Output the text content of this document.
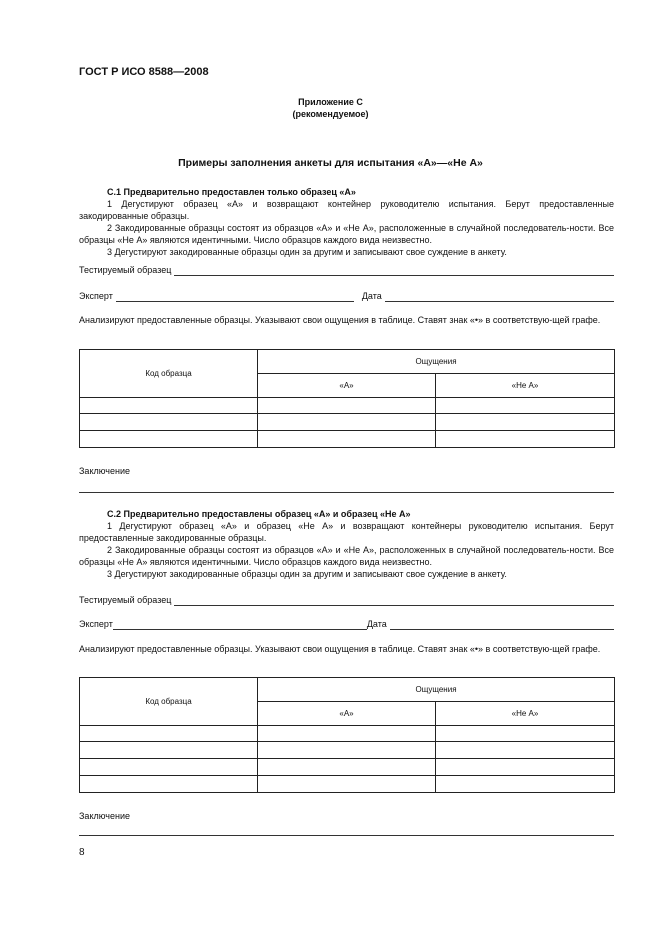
ГОСТ Р ИСО 8588—2008
Приложение С
(рекомендуемое)
Примеры заполнения анкеты для испытания «А»—«Не А»
С.1 Предварительно предоставлен только образец «А»

1 Дегустируют образец «А» и возвращают контейнер руководителю испытания. Берут предоставленные закодированные образцы.

2 Закодированные образцы состоят из образцов «А» и «Не А», расположенные в случайной последователь-ности. Все образцы «Не А» являются идентичными. Число образцов каждого вида неизвестно.

3 Дегустируют закодированные образцы один за другим и записывают свое суждение в анкету.

Тестируемый образец
Эксперт	Дата

Анализируют предоставленные образцы. Указывают свои ощущения в таблице. Ставят знак «•» в соответствую-щей графе.

Код образца	Ощущения	
	«А»	«Не А»

Заключение
С.2 Предварительно предоставлены образец «А» и образец «Не А»

1 Дегустируют образец «А» и образец «Не А» и возвращают контейнеры руководителю испытания. Берут предоставленные закодированные образцы.

2 Закодированные образцы состоят из образцов «А» и «Не А», расположенных в случайной последователь-ности. Все образцы «Не А» являются идентичными. Число образцов каждого вида неизвестно.

3 Дегустируют закодированные образцы один за другим и записывают свое суждение в анкету.

Тестируемый образец
Эксперт	Дата

Анализируют предоставленные образцы. Указывают свои ощущения в таблице. Ставят знак «•» в соответствую-щей графе.

Код образца	Ощущения	
	«А»	«Не А»

Заключение
8
